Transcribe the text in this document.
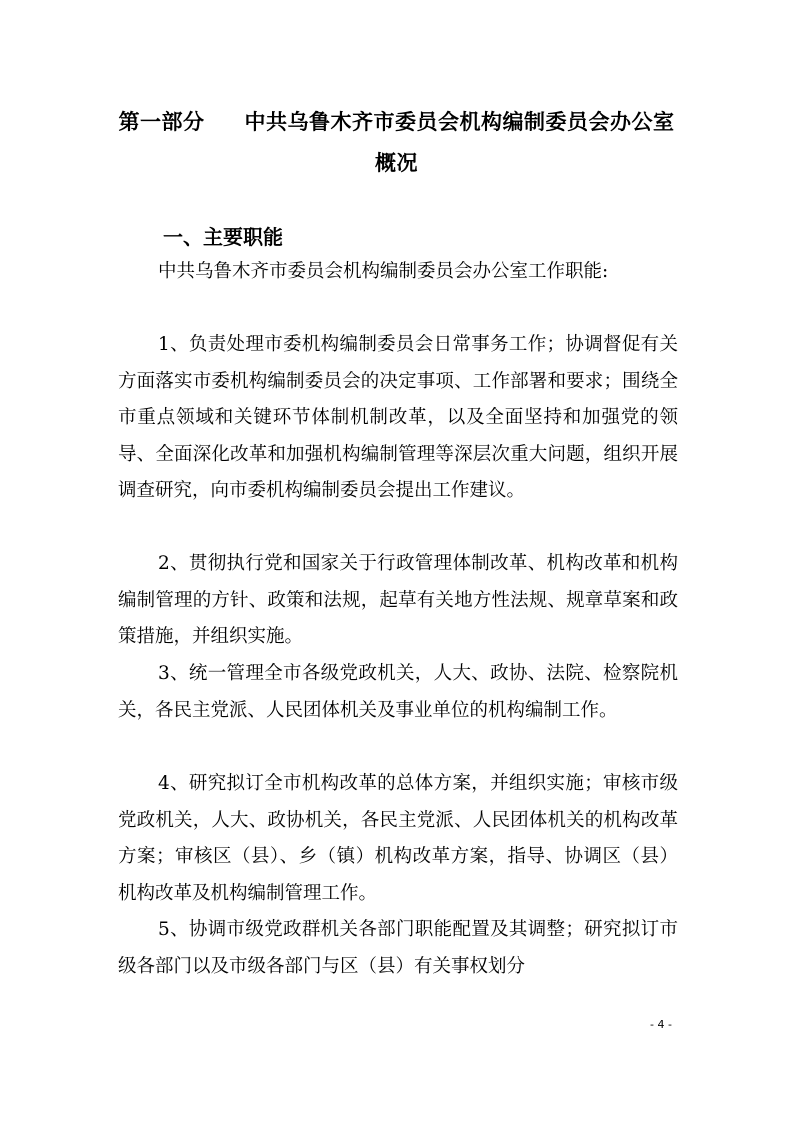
第一部分 中共乌鲁木齐市委员会机构编制委员会办公室
概况
一、主要职能

中共乌鲁木齐市委员会机构编制委员会办公室工作职能:

1、负责处理市委机构编制委员会日常事务工作；协调督促有关方面落实市委机构编制委员会的决定事项、工作部署和要求；围绕全市重点领域和关键环节体制机制改革，以及全面坚持和加强党的领导、全面深化改革和加强机构编制管理等深层次重大问题，组织开展调查研究，向市委机构编制委员会提出工作建议。

2、贯彻执行党和国家关于行政管理体制改革、机构改革和机构编制管理的方针、政策和法规，起草有关地方性法规、规章草案和政策措施，并组织实施。

3、统一管理全市各级党政机关，人大、政协、法院、检察院机关，各民主党派、人民团体机关及事业单位的机构编制工作。

4、研究拟订全市机构改革的总体方案，并组织实施；审核市级党政机关，人大、政协机关，各民主党派、人民团体机关的机构改革方案；审核区（县）、乡（镇）机构改革方案，指导、协调区（县）机构改革及机构编制管理工作。

5、协调市级党政群机关各部门职能配置及其调整；研究拟订市级各部门以及市级各部门与区（县）有关事权划分

- 4 -
